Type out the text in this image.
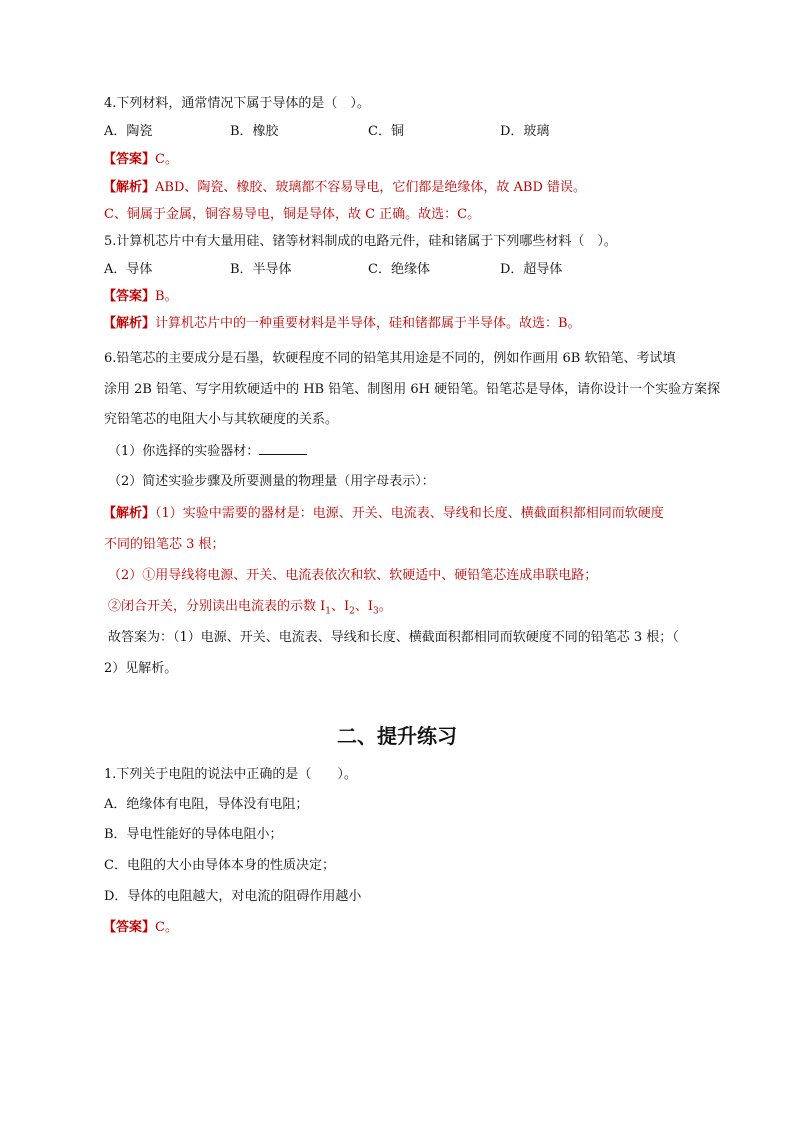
4.下列材料，通常情况下属于导体的是（　）。
A．陶瓷	B．橡胶	C．铜	D．玻璃
【答案】C。
【解析】ABD、陶瓷、橡胶、玻璃都不容易导电，它们都是绝缘体，故 ABD 错误。
C、铜属于金属，铜容易导电，铜是导体，故 C 正确。故选：C。
5.计算机芯片中有大量用硅、锗等材料制成的电路元件，硅和锗属于下列哪些材料（　）。
A．导体	B．半导体	C．绝缘体	D．超导体
【答案】B。
【解析】计算机芯片中的一种重要材料是半导体，硅和锗都属于半导体。故选：B。
6.铅笔芯的主要成分是石墨，软硬程度不同的铅笔其用途是不同的，例如作画用 6B 软铅笔、考试填
涂用 2B 铅笔、写字用软硬适中的 HB 铅笔、制图用 6H 硬铅笔。铅笔芯是导体，请你设计一个实验方案探
究铅笔芯的电阻大小与其软硬度的关系。
（1）你选择的实验器材：
（2）简述实验步骤及所要测量的物理量（用字母表示）：
【解析】（1）实验中需要的器材是：电源、开关、电流表、导线和长度、横截面积都相同而软硬度
不同的铅笔芯 3 根；
（2）①用导线将电源、开关、电流表依次和软、软硬适中、硬铅笔芯连成串联电路；
②闭合开关，分别读出电流表的示数 $I_1$、$I_2$、$I_3$。
故答案为：（1）电源、开关、电流表、导线和长度、横截面积都相同而软硬度不同的铅笔芯 3 根；（
2）见解析。
二、提升练习
1.下列关于电阻的说法中正确的是（　　）。
A．绝缘体有电阻，导体没有电阻；
B．导电性能好的导体电阻小；
C．电阻的大小由导体本身的性质决定；
D．导体的电阻越大，对电流的阻碍作用越小
【答案】C。
